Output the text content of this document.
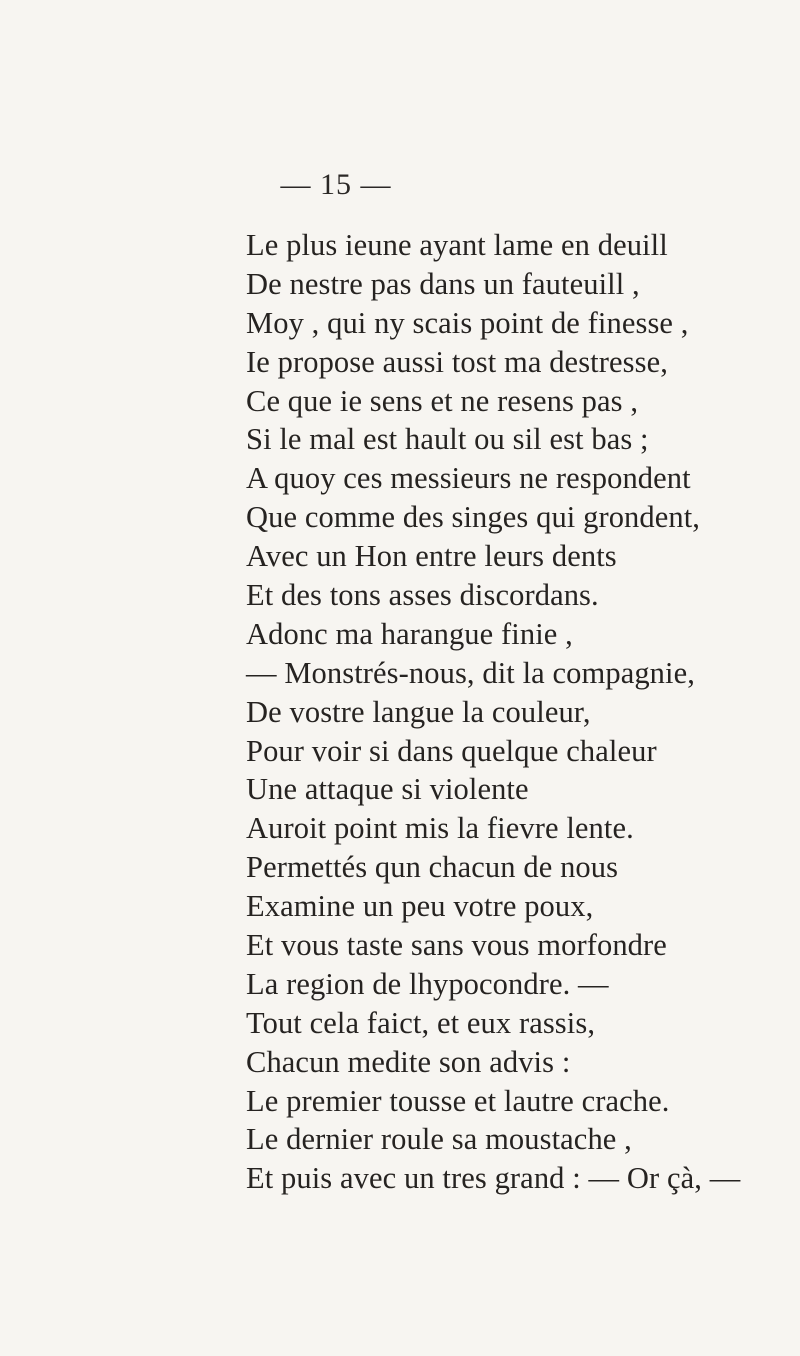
— 15 —
Le plus ieune ayant lame en deuill
De nestre pas dans un fauteuill ,
Moy , qui ny scais point de finesse ,
Ie propose aussi tost ma destresse,
Ce que ie sens et ne resens pas ,
Si le mal est hault ou sil est bas ;
A quoy ces messieurs ne respondent
Que comme des singes qui grondent,
Avec un Hon entre leurs dents
Et des tons asses discordans.
Adonc ma harangue finie ,
— Monstrés-nous, dit la compagnie,
De vostre langue la couleur,
Pour voir si dans quelque chaleur
Une attaque si violente
Auroit point mis la fievre lente.
Permettés qun chacun de nous
Examine un peu votre poux,
Et vous taste sans vous morfondre
La region de lhypocondre. —
Tout cela faict, et eux rassis,
Chacun medite son advis :
Le premier tousse et lautre crache.
Le dernier roule sa moustache ,
Et puis avec un tres grand : — Or çà, —
